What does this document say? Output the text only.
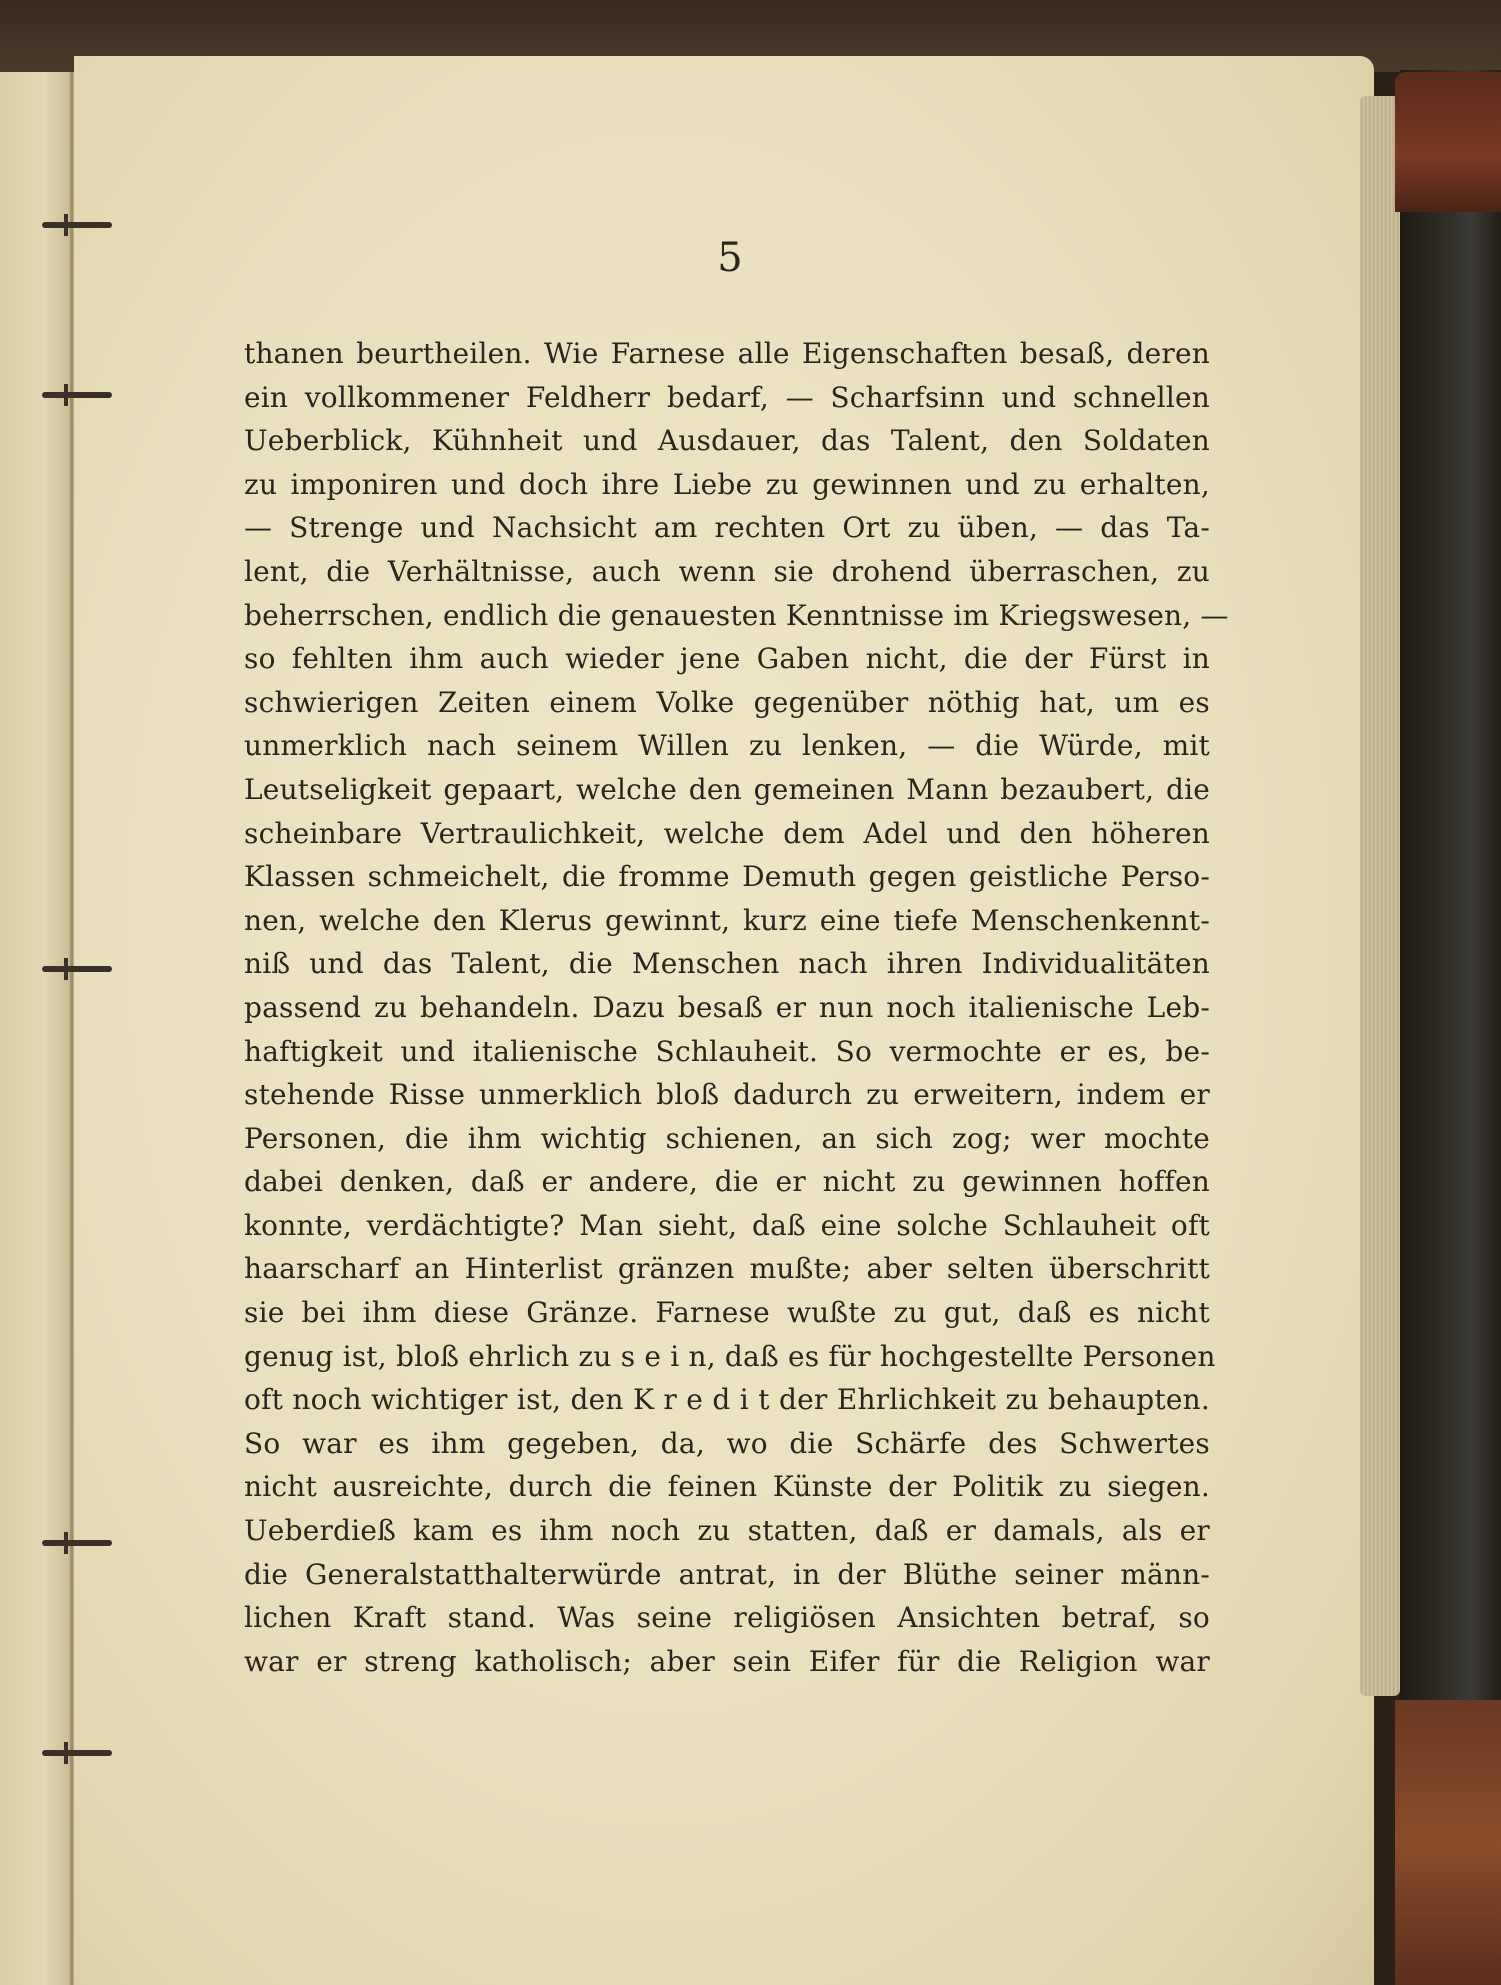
5
thanen beurtheilen. Wie Farnese alle Eigenschaften besaß, deren
ein vollkommener Feldherr bedarf, — Scharfsinn und schnellen
Ueberblick, Kühnheit und Ausdauer, das Talent, den Soldaten
zu imponiren und doch ihre Liebe zu gewinnen und zu erhalten,
— Strenge und Nachsicht am rechten Ort zu üben, — das Ta-
lent, die Verhältnisse, auch wenn sie drohend überraschen, zu
beherrschen, endlich die genauesten Kenntnisse im Kriegswesen, —
so fehlten ihm auch wieder jene Gaben nicht, die der Fürst in
schwierigen Zeiten einem Volke gegenüber nöthig hat, um es
unmerklich nach seinem Willen zu lenken, — die Würde, mit
Leutseligkeit gepaart, welche den gemeinen Mann bezaubert, die
scheinbare Vertraulichkeit, welche dem Adel und den höheren
Klassen schmeichelt, die fromme Demuth gegen geistliche Perso-
nen, welche den Klerus gewinnt, kurz eine tiefe Menschenkennt-
niß und das Talent, die Menschen nach ihren Individualitäten
passend zu behandeln. Dazu besaß er nun noch italienische Leb-
haftigkeit und italienische Schlauheit. So vermochte er es, be-
stehende Risse unmerklich bloß dadurch zu erweitern, indem er
Personen, die ihm wichtig schienen, an sich zog; wer mochte
dabei denken, daß er andere, die er nicht zu gewinnen hoffen
konnte, verdächtigte? Man sieht, daß eine solche Schlauheit oft
haarscharf an Hinterlist gränzen mußte; aber selten überschritt
sie bei ihm diese Gränze. Farnese wußte zu gut, daß es nicht
genug ist, bloß ehrlich zu s e i n, daß es für hochgestellte Personen
oft noch wichtiger ist, den K r e d i t der Ehrlichkeit zu behaupten.
So war es ihm gegeben, da, wo die Schärfe des Schwertes
nicht ausreichte, durch die feinen Künste der Politik zu siegen.
Ueberdieß kam es ihm noch zu statten, daß er damals, als er
die Generalstatthalterwürde antrat, in der Blüthe seiner männ-
lichen Kraft stand. Was seine religiösen Ansichten betraf, so
war er streng katholisch; aber sein Eifer für die Religion war
